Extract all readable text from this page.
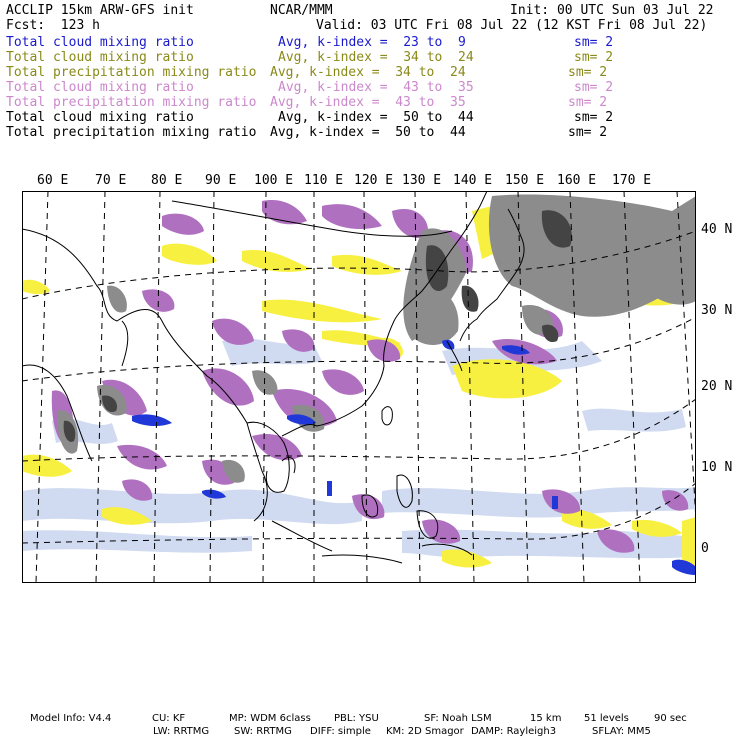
ACCLIP 15km ARW-GFS init	NCAR/MMM	Init: 00 UTC Sun 03 Jul 22
Fcst:  123 h	Valid: 03 UTC Fri 08 Jul 22 (12 KST Fri 08 Jul 22)
Total cloud mixing ratio	Avg, k-index =  23 to  9	sm= 2
Total cloud mixing ratio	Avg, k-index =  34 to  24	sm= 2
Total precipitation mixing ratio Avg, k-index =  34 to  24	sm= 2
Total cloud mixing ratio	Avg, k-index =  43 to  35	sm= 2
Total precipitation mixing ratio Avg, k-index =  43 to  35	sm= 2
Total cloud mixing ratio	Avg, k-index =  50 to  44	sm= 2
Total precipitation mixing ratio Avg, k-index =  50 to  44	sm= 2
60 E 70 E 80 E 90 E 100 E 110 E 120 E 130 E 140 E 150 E 160 E 170 E
40 N
30 N
20 N
10 N
0
Model Info: V4.4	CU: KF	MP: WDM 6class PBL: YSU	SF: Noah LSM	15 km 51 levels	90 sec
LW: RRTMG SW: RRTMG DIFF: simple KM: 2D Smagor DAMP: Rayleigh3	SFLAY: MM5
